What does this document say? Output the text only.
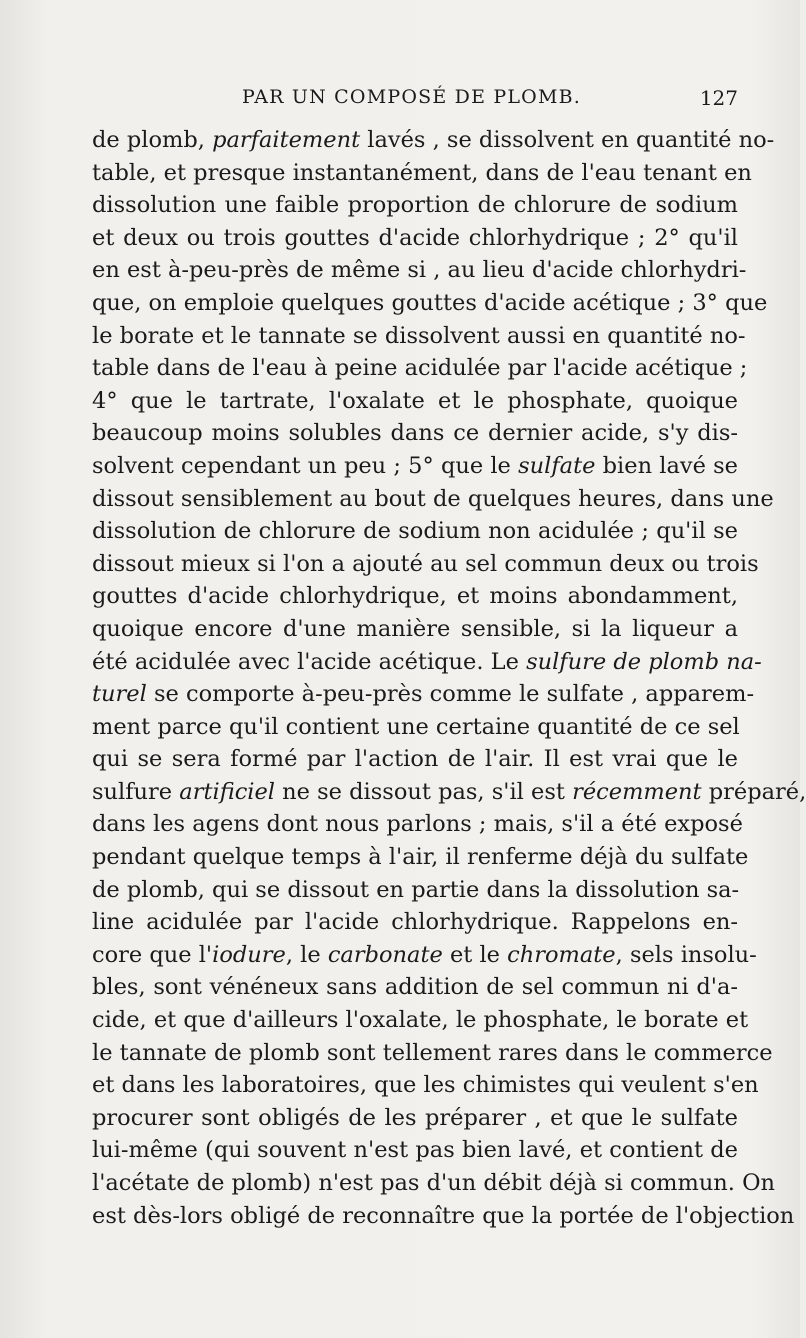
PAR UN COMPOSÉ DE PLOMB.	127
de plomb, parfaitement lavés , se dissolvent en quantité no-
table, et presque instantanément, dans de l'eau tenant en
dissolution une faible proportion de chlorure de sodium
et deux ou trois gouttes d'acide chlorhydrique ; 2° qu'il
en est à-peu-près de même si , au lieu d'acide chlorhydri-
que, on emploie quelques gouttes d'acide acétique ; 3° que
le borate et le tannate se dissolvent aussi en quantité no-
table dans de l'eau à peine acidulée par l'acide acétique ;
4° que le tartrate, l'oxalate et le phosphate, quoique
beaucoup moins solubles dans ce dernier acide, s'y dis-
solvent cependant un peu ; 5° que le sulfate bien lavé se
dissout sensiblement au bout de quelques heures, dans une
dissolution de chlorure de sodium non acidulée ; qu'il se
dissout mieux si l'on a ajouté au sel commun deux ou trois
gouttes d'acide chlorhydrique, et moins abondamment,
quoique encore d'une manière sensible, si la liqueur a
été acidulée avec l'acide acétique. Le sulfure de plomb na-
turel se comporte à-peu-près comme le sulfate , apparem-
ment parce qu'il contient une certaine quantité de ce sel
qui se sera formé par l'action de l'air. Il est vrai que le
sulfure artificiel ne se dissout pas, s'il est récemment préparé,
dans les agens dont nous parlons ; mais, s'il a été exposé
pendant quelque temps à l'air, il renferme déjà du sulfate
de plomb, qui se dissout en partie dans la dissolution sa-
line acidulée par l'acide chlorhydrique. Rappelons en-
core que l'iodure, le carbonate et le chromate, sels insolu-
bles, sont vénéneux sans addition de sel commun ni d'a-
cide, et que d'ailleurs l'oxalate, le phosphate, le borate et
le tannate de plomb sont tellement rares dans le commerce
et dans les laboratoires, que les chimistes qui veulent s'en
procurer sont obligés de les préparer , et que le sulfate
lui-même (qui souvent n'est pas bien lavé, et contient de
l'acétate de plomb) n'est pas d'un débit déjà si commun. On
est dès-lors obligé de reconnaître que la portée de l'objection
